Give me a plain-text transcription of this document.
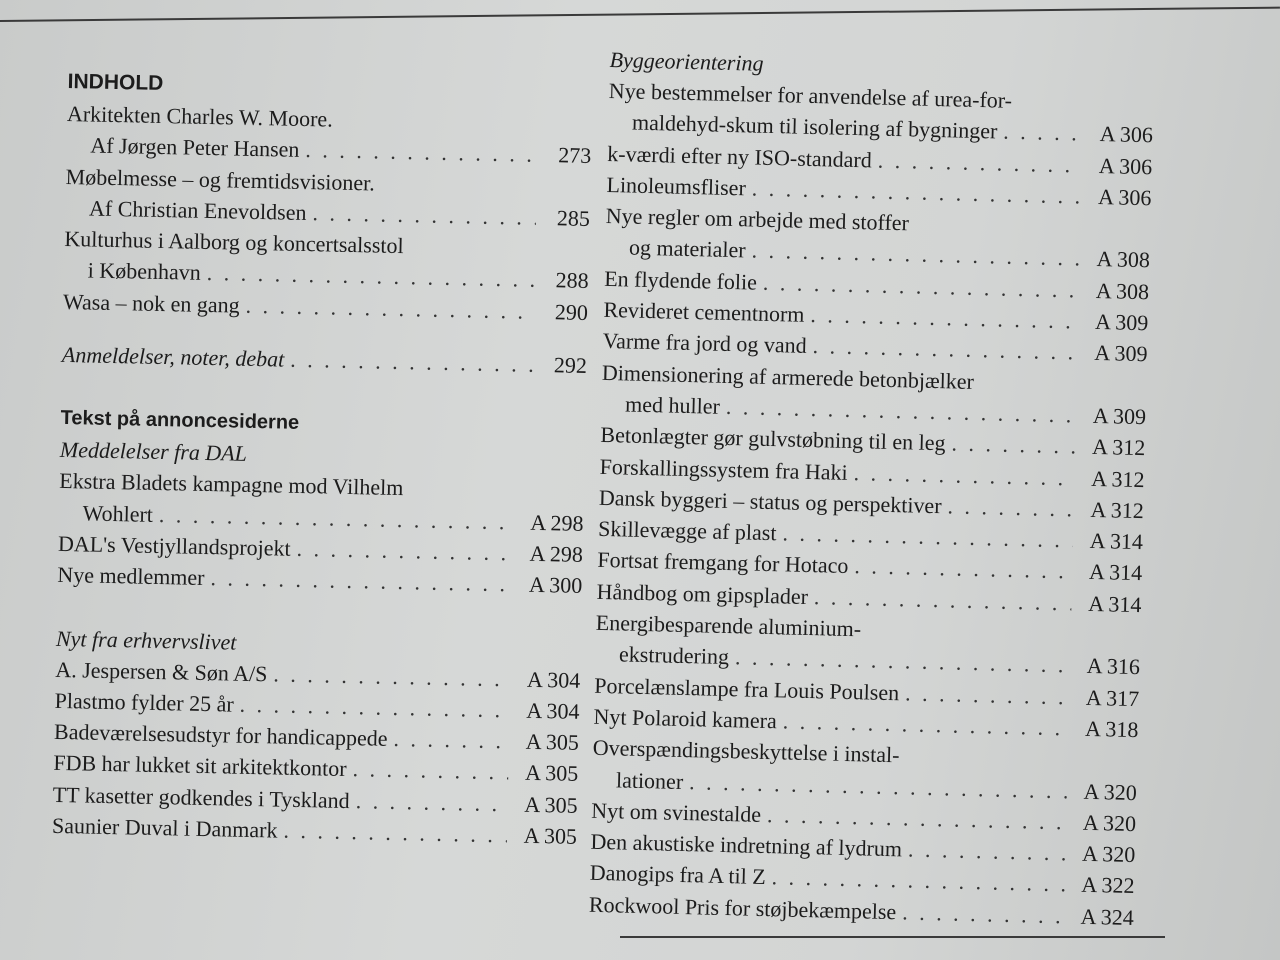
INDHOLD
Arkitekten Charles W. Moore.
Af Jørgen Peter Hansen . . .	273
Møbelmesse – og fremtidsvisioner.
Af Christian Enevoldsen . . .	285
Kulturhus i Aalborg og koncertsalsstol
i København . . .	288
Wasa – nok en gang . . .	290
Anmeldelser, noter, debat . . .	292
Tekst på annoncesiderne
Meddelelser fra DAL
Ekstra Bladets kampagne mod Vilhelm
Wohlert . . .	A 298
DAL's Vestjyllandsprojekt . . .	A 298
Nye medlemmer . . .	A 300
Nyt fra erhvervslivet
A. Jespersen & Søn A/S . . .	A 304
Plastmo fylder 25 år . . .	A 304
Badeværelsesudstyr for handicappede . . .	A 305
FDB har lukket sit arkitektkontor . . .	A 305
TT kasetter godkendes i Tyskland . . .	A 305
Saunier Duval i Danmark . . .	A 305
Byggeorientering
Nye bestemmelser for anvendelse af urea-for-
maldehyd-skum til isolering af bygninger . . .	A 306
k-værdi efter ny ISO-standard . . .	A 306
Linoleumsfliser . . .	A 306
Nye regler om arbejde med stoffer
og materialer . . .	A 308
En flydende folie . . .	A 308
Revideret cementnorm . . .	A 309
Varme fra jord og vand . . .	A 309
Dimensionering af armerede betonbjælker
med huller . . .	A 309
Betonlægter gør gulvstøbning til en leg . . .	A 312
Forskallingssystem fra Haki . . .	A 312
Dansk byggeri – status og perspektiver . . .	A 312
Skillevægge af plast . . .	A 314
Fortsat fremgang for Hotaco . . .	A 314
Håndbog om gipsplader . . .	A 314
Energibesparende aluminium-
ekstrudering . . .	A 316
Porcelænslampe fra Louis Poulsen . . .	A 317
Nyt Polaroid kamera . . .	A 318
Overspændingsbeskyttelse i instal-
lationer . . .	A 320
Nyt om svinestalde . . .	A 320
Den akustiske indretning af lydrum . . .	A 320
Danogips fra A til Z . . .	A 322
Rockwool Pris for støjbekæmpelse . . .	A 324
